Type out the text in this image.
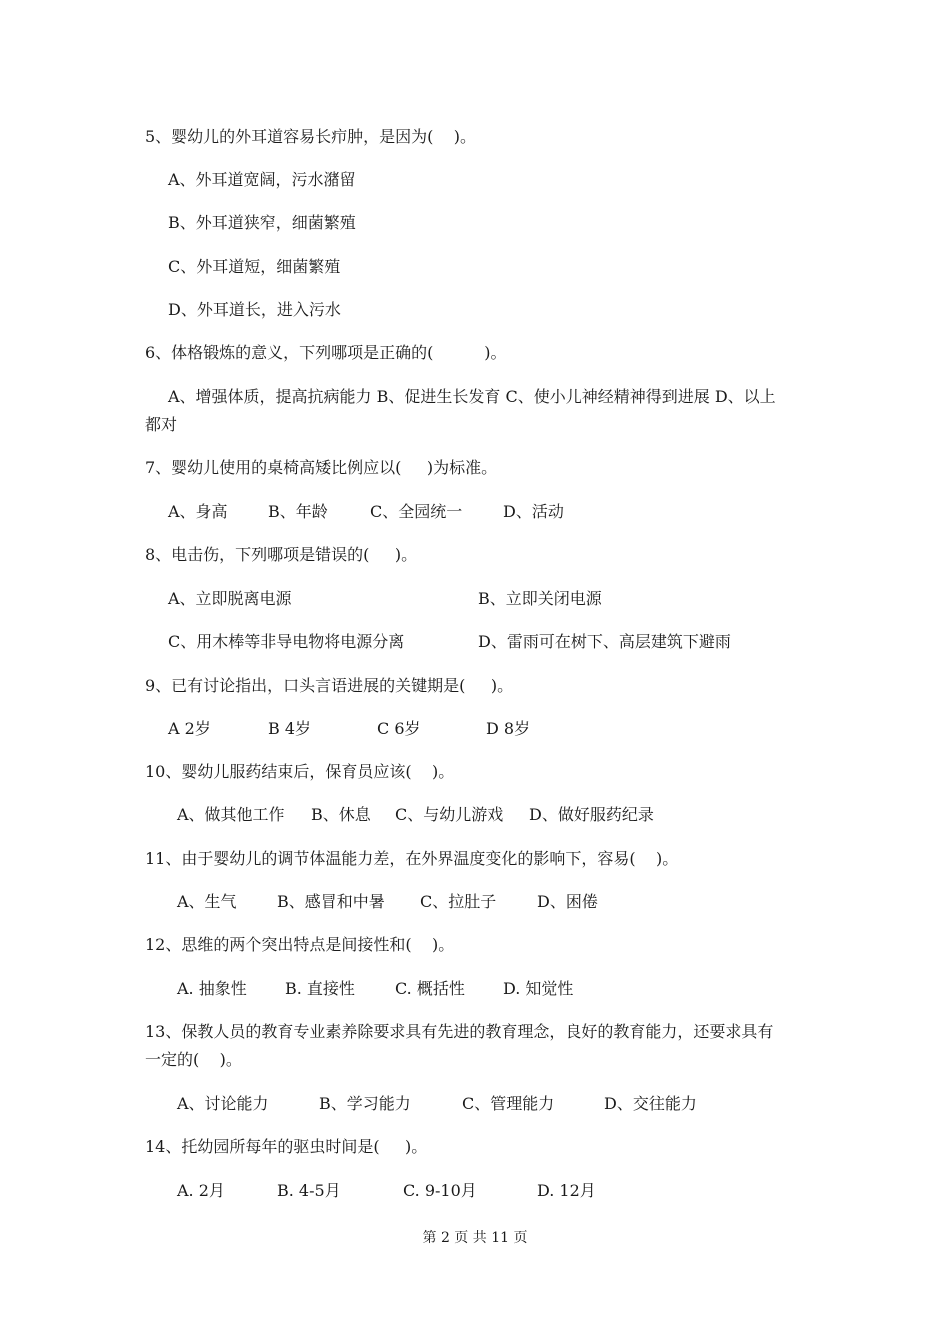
5、婴幼儿的外耳道容易长疖肿，是因为(    )。
A、外耳道宽阔，污水潴留
B、外耳道狭窄，细菌繁殖
C、外耳道短，细菌繁殖
D、外耳道长，进入污水
6、体格锻炼的意义，下列哪项是正确的(          )。
A、增强体质，提高抗病能力 B、促进生长发育 C、使小儿神经精神得到进展 D、以上
都对
7、婴幼儿使用的桌椅高矮比例应以(     )为标准。
A、身高	B、年龄	C、全园统一	D、活动
8、电击伤，下列哪项是错误的(     )。
A、立即脱离电源	B、立即关闭电源
C、用木棒等非导电物将电源分离	D、雷雨可在树下、高层建筑下避雨
9、已有讨论指出，口头言语进展的关键期是(     )。
A 2岁	B 4岁	C 6岁	D 8岁
10、婴幼儿服药结束后，保育员应该(    )。
A、做其他工作 B、休息 C、与幼儿游戏 D、做好服药纪录
11、由于婴幼儿的调节体温能力差，在外界温度变化的影响下，容易(    )。
A、生气	B、感冒和中暑 C、拉肚子	D、困倦
12、思维的两个突出特点是间接性和(    )。
A. 抽象性 B. 直接性	C. 概括性 D. 知觉性
13、保教人员的教育专业素养除要求具有先进的教育理念，良好的教育能力，还要求具有
一定的(    )。
A、讨论能力	B、学习能力	C、管理能力	D、交往能力
14、托幼园所每年的驱虫时间是(     )。
A. 2月	B. 4-5月	C. 9-10月	D. 12月
第 2 页 共 11 页
